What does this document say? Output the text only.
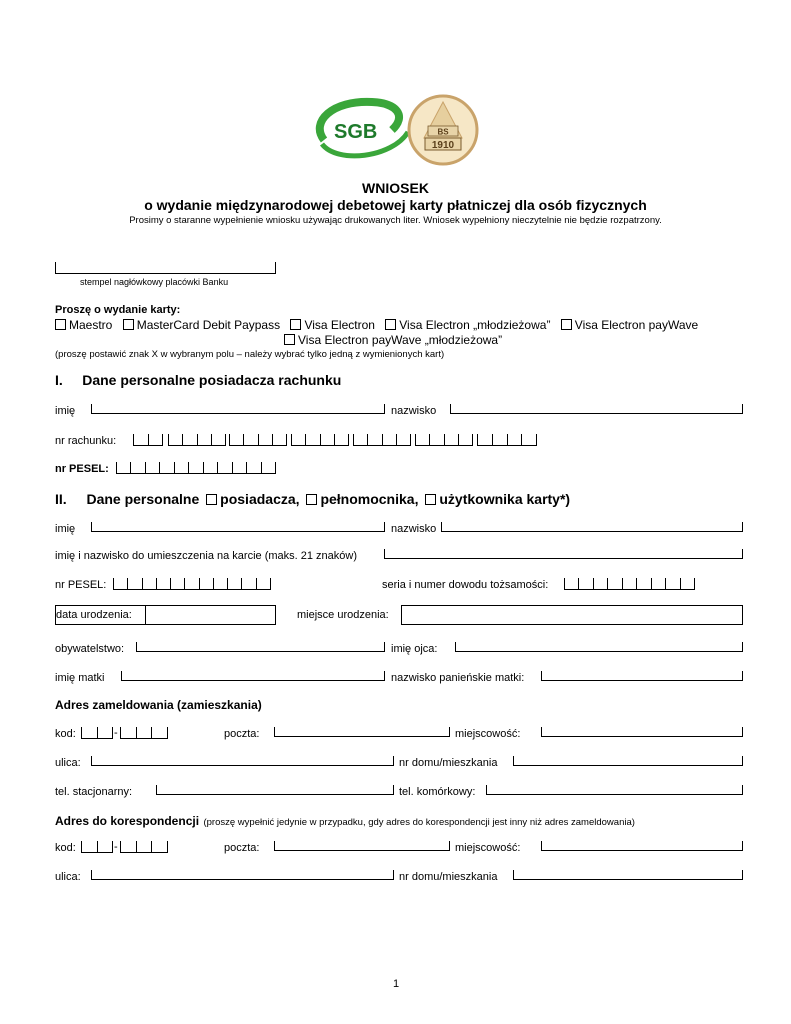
SGB	BS
1910
WNIOSEK
o wydanie międzynarodowej debetowej karty płatniczej dla osób fizycznych
Prosimy o staranne wypełnienie wniosku używając drukowanych liter. Wniosek wypełniony nieczytelnie nie będzie rozpatrzony.
stempel nagłówkowy placówki Banku
Proszę o wydanie karty:
Maestro MasterCard Debit Paypass Visa Electron Visa Electron „młodzieżowa” Visa Electron payWave
Visa Electron payWave „młodzieżowa”
(proszę postawić znak X w wybranym polu – należy wybrać tylko jedną z wymienionych kart)
I.     Dane personalne posiadacza rachunku
imię	nazwisko
nr rachunku:
nr PESEL:
II. Dane personalne posiadacza, pełnomocnika, użytkownika karty*)
imię	nazwisko
imię i nazwisko do umieszczenia na karcie (maks. 21 znaków)
nr PESEL:	seria i numer dowodu tożsamości:
data urodzenia:	miejsce urodzenia:
obywatelstwo:	imię ojca:
imię matki	nazwisko panieńskie matki:
Adres zameldowania (zamieszkania)
kod:	-	poczta:	miejscowość:
ulica:	nr domu/mieszkania
tel. stacjonarny:	tel. komórkowy:
Adres do korespondencji (proszę wypełnić jedynie w przypadku, gdy adres do korespondencji jest inny niż adres zameldowania)
kod:	-	poczta:	miejscowość:
ulica:	nr domu/mieszkania
1
